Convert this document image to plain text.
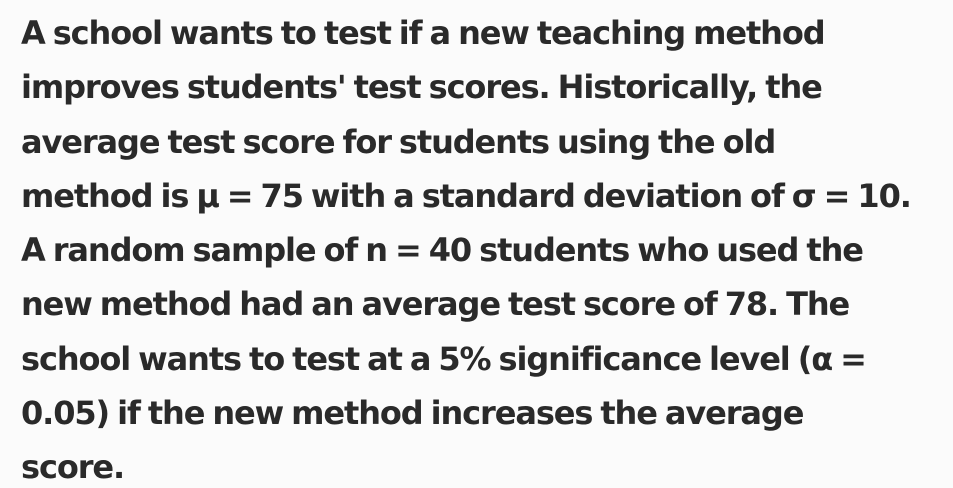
A school wants to test if a new teaching method
improves students' test scores. Historically, the
average test score for students using the old
method is μ = 75 with a standard deviation of σ = 10.
A random sample of n = 40 students who used the
new method had an average test score of 78. The
school wants to test at a 5% significance level (α =
0.05) if the new method increases the average
score.
